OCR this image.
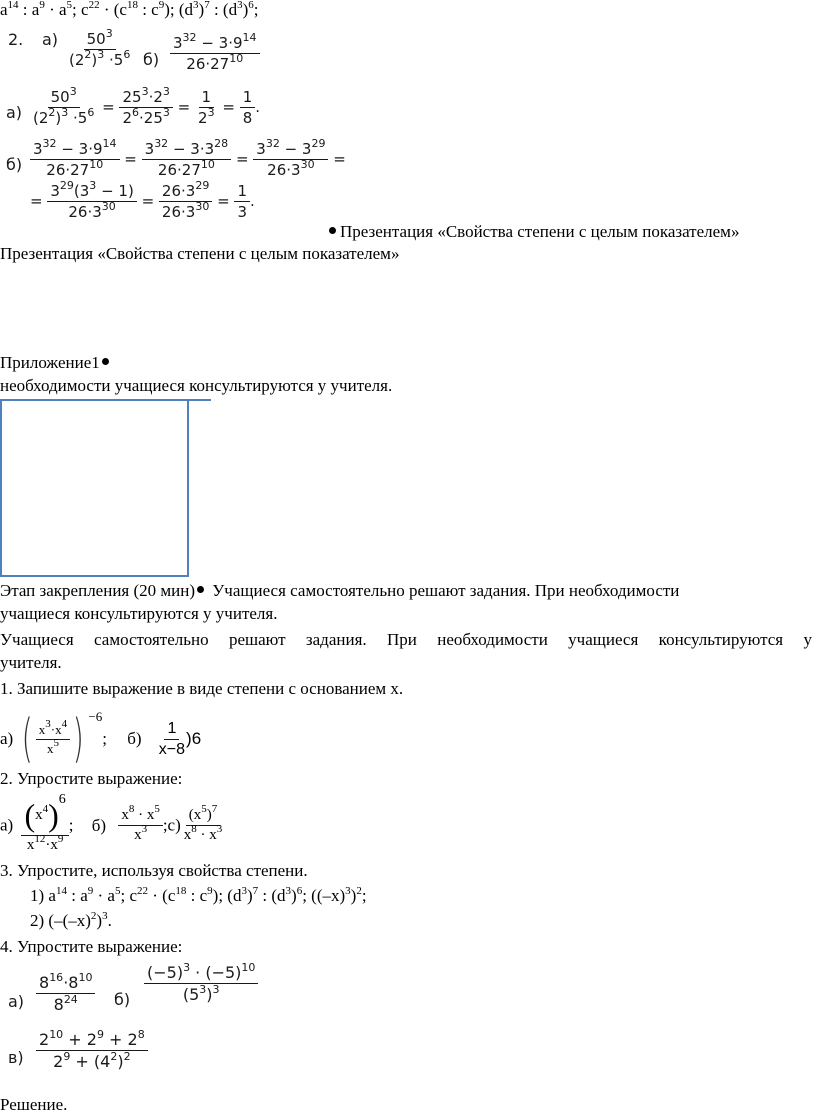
$a^{14}$ : $a^9 \cdot a^5$; $c^{22} \cdot (c^{18}$ : $c^9$); $(d^3)^7$ : $(d^3)^6$;
2. $а) \frac{50^3}{(2^2)^3 \cdot 5^6} б) \frac{3^{32} - 3\cdot 9^{14}}{26\cdot 27^{10}}$
$а) \frac{50^3}{(2^2)^3 \cdot 5^6} = \frac{25^3\cdot 2^3}{2^6\cdot 25^3} = \frac{1}{2^3} = \frac{1}{8}$ .
$б) \frac{3^{32} - 3\cdot 9^{14}}{26\cdot 27^{10}} = \frac{3^{32} - 3\cdot 3^{28}}{26\cdot 27^{10}} = \frac{3^{32} - 3^{29}}{26\cdot 3^{30}}$ =
= $\frac{3^{29}(3^3 - 1)}{26\cdot 3^{30}} = \frac{26\cdot 3^{29}}{26\cdot 3^{30}} = \frac{1}{3}$ .
Презентация «Свойства степени с целым показателем»
Презентация «Свойства степени с целым показателем»
Приложение1
необходимости учащиеся консультируются у учителя.
Этап закрепления (20 мин) Учащиеся самостоятельно решают задания. При необходимости
учащиеся консультируются у учителя.
Учащиеся самостоятельно решают задания. При необходимости учащиеся консультируются у
учителя.
1. Запишите выражение в виде степени с основанием х.
а) ( $\frac{x^3\cdot x^4}{x^5}$ ) $^{-6}$; $б) \frac{1}{x-8}$
)6
2. Упростите выражение:
$а) \frac{(x^4)^6}{x^{12}\cdot x^9}$ ; $б) \frac{x^8 \cdot x^5}{x^3}$ ;c) $\frac{(x^5)^7}{x^8 \cdot x^3}$
3. Упростите, используя свойства степени.
1) $a^{14}$ : $a^9 \cdot a^5$; $c^{22} \cdot (c^{18}$ : $c^9$); $(d^3)^7$ : $(d^3)^6$; $((-x)^3)^2$;
2) $(-(-x)^2)^3$.
4. Упростите выражение:
$а) \frac{8^{16}\cdot 8^{10}}{8^{24}} б) \frac{(-5)^3 \cdot (-5)^{10}}{(5^3)^3}$
$в) \frac{2^{10} + 2^9 + 2^8}{2^9 + (4^2)^2}$
Решение.
